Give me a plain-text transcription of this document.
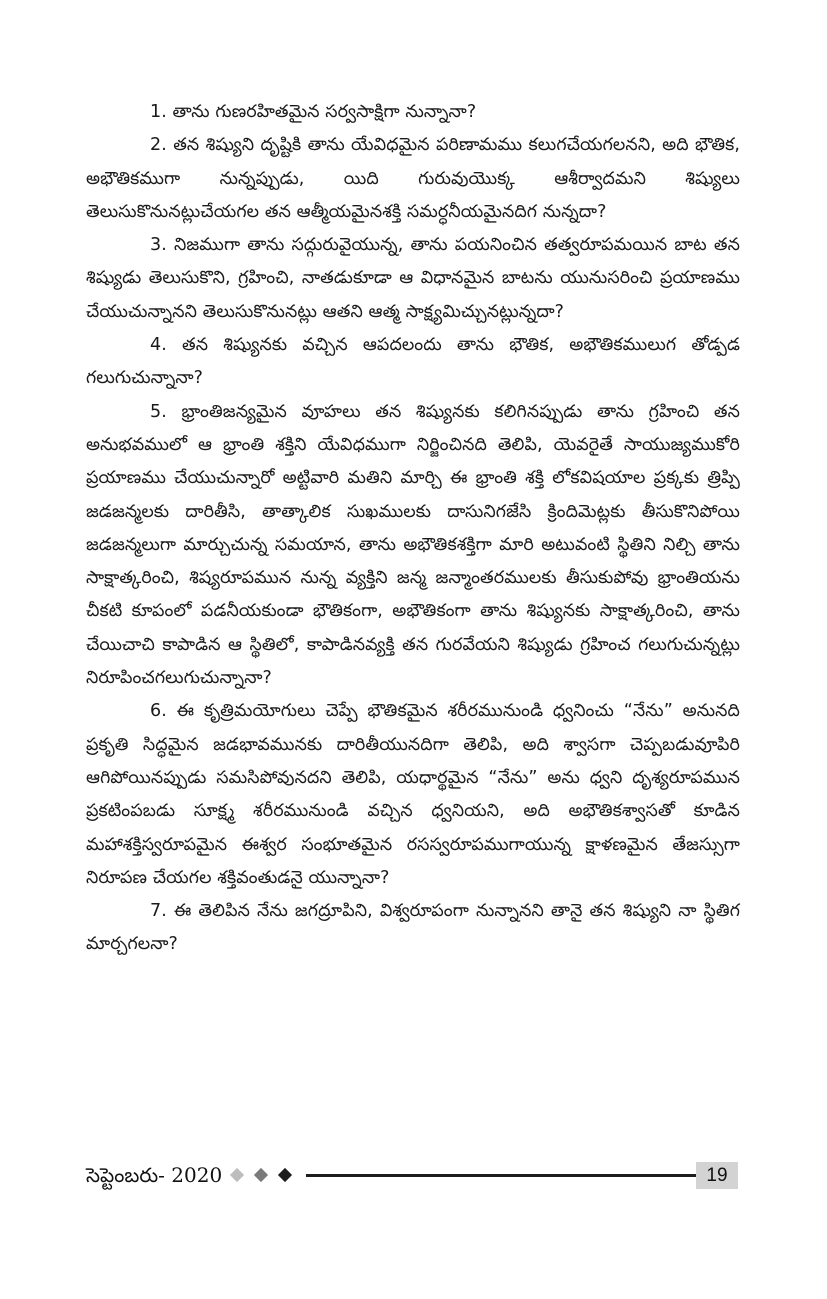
1. తాను గుణరహితమైన సర్వసాక్షిగా నున్నానా?

2. తన శిష్యుని దృష్టికి తాను యేవిధమైన పరిణామము కలుగచేయగలనని, అది భౌతిక, అభౌతికముగా నున్నప్పుడు, యిది గురువుయొక్క ఆశీర్వాదమని శిష్యులు తెలుసుకొనునట్లుచేయగల తన ఆత్మీయమైనశక్తి సమర్ధనీయమైనదిగ నున్నదా?

3. నిజముగా తాను సద్గురువైయున్న, తాను పయనించిన తత్వరూపమయిన బాట తన శిష్యుడు తెలుసుకొని, గ్రహించి, నాతడుకూడా ఆ విధానమైన బాటను యునుసరించి ప్రయాణము చేయుచున్నానని తెలుసుకొనునట్లు ఆతని ఆత్మ సాక్ష్యమిచ్చునట్లున్నదా?

4. తన శిష్యునకు వచ్చిన ఆపదలందు తాను భౌతిక, అభౌతికములుగ తోడ్పడ గలుగుచున్నానా?

5. భ్రాంతిజన్యమైన వూహలు తన శిష్యునకు కలిగినప్పుడు తాను గ్రహించి తన అనుభవములో ఆ భ్రాంతి శక్తిని యేవిధముగా నిర్జించినది తెలిపి, యెవరైతే సాయుజ్యముకోరి ప్రయాణము చేయుచున్నారో అట్టివారి మతిని మార్చి ఈ భ్రాంతి శక్తి లోకవిషయాల ప్రక్కకు త్రిప్పి జడజన్మలకు దారితీసి, తాత్కాలిక సుఖములకు దాసునిగజేసి క్రిందిమెట్లకు తీసుకొనిపోయి జడజన్మలుగా మార్చుచున్న సమయాన, తాను అభౌతికశక్తిగా మారి అటువంటి స్థితిని నిల్చి తాను సాక్షాత్కరించి, శిష్యరూపమున నున్న వ్యక్తిని జన్మ జన్మాంతరములకు తీసుకుపోవు భ్రాంతియను చీకటి కూపంలో పడనీయకుండా భౌతికంగా, అభౌతికంగా తాను శిష్యునకు సాక్షాత్కరించి, తాను చేయిచాచి కాపాడిన ఆ స్థితిలో, కాపాడినవ్యక్తి తన గురవేయని శిష్యుడు గ్రహించ గలుగుచున్నట్లు నిరూపించగలుగుచున్నానా?

6. ఈ కృత్రిమయోగులు చెప్పే భౌతికమైన శరీరమునుండి ధ్వనించు “నేను” అనునది ప్రకృతి సిద్ధమైన జడభావమునకు దారితీయునదిగా తెలిపి, అది శ్వాసగా చెప్పబడువూపిరి ఆగిపోయినప్పుడు సమసిపోవునదని తెలిపి, యధార్థమైన “నేను” అను ధ్వని దృశ్యరూపమున ప్రకటింపబడు సూక్ష్మ శరీరమునుండి వచ్చిన ధ్వనియని, అది అభౌతికశ్వాసతో కూడిన మహాశక్తిస్వరూపమైన ఈశ్వర సంభూతమైన రసస్వరూపముగాయున్న క్షాళణమైన తేజస్సుగా నిరూపణ చేయగల శక్తివంతుడనై యున్నానా?

7. ఈ తెలిపిన నేను జగద్రూపిని, విశ్వరూపంగా నున్నానని తానై తన శిష్యుని నా స్థితిగ మార్చగలనా?

సెప్టెంబరు- 2020	19
